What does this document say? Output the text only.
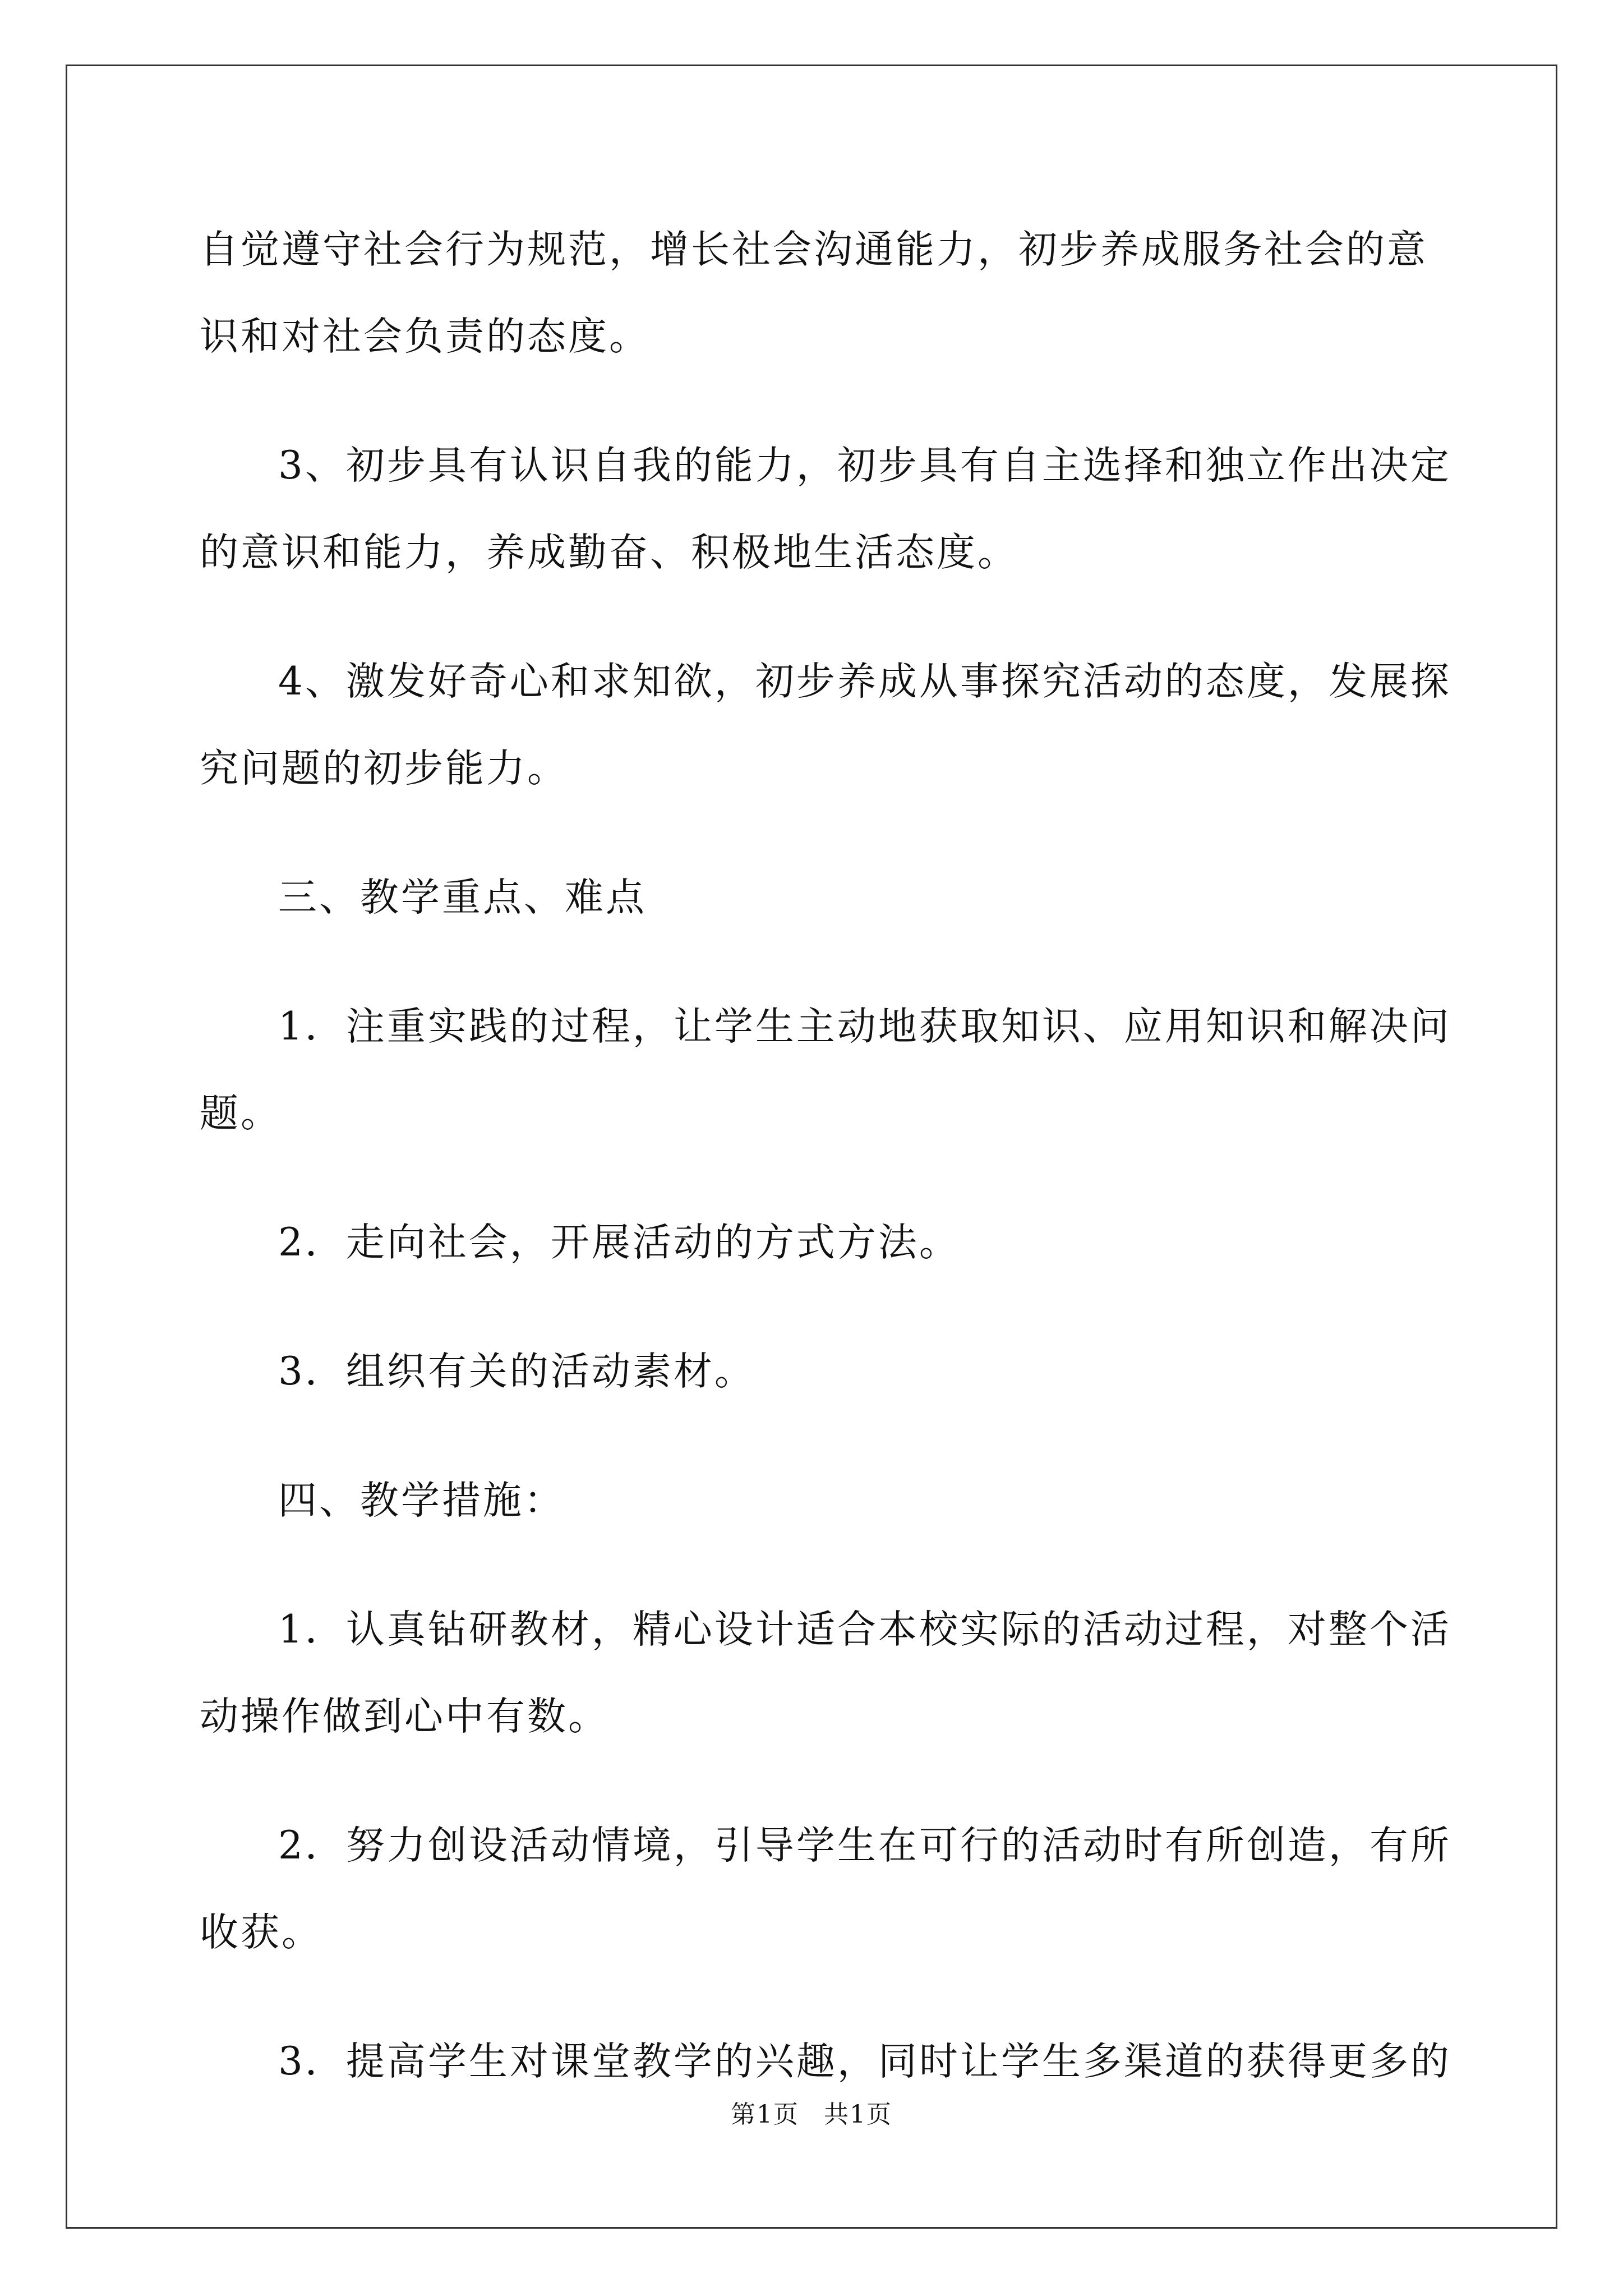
自觉遵守社会行为规范，增长社会沟通能力，初步养成服务社会的意
识和对社会负责的态度。
3、初步具有认识自我的能力，初步具有自主选择和独立作出决定
的意识和能力，养成勤奋、积极地生活态度。
4、激发好奇心和求知欲，初步养成从事探究活动的态度，发展探
究问题的初步能力。
三、教学重点、难点
1．注重实践的过程，让学生主动地获取知识、应用知识和解决问
题。
2．走向社会，开展活动的方式方法。
3．组织有关的活动素材。
四、教学措施：
1．认真钻研教材，精心设计适合本校实际的活动过程，对整个活
动操作做到心中有数。
2．努力创设活动情境，引导学生在可行的活动时有所创造，有所
收获。
3．提高学生对课堂教学的兴趣，同时让学生多渠道的获得更多的
第1页 共1页
